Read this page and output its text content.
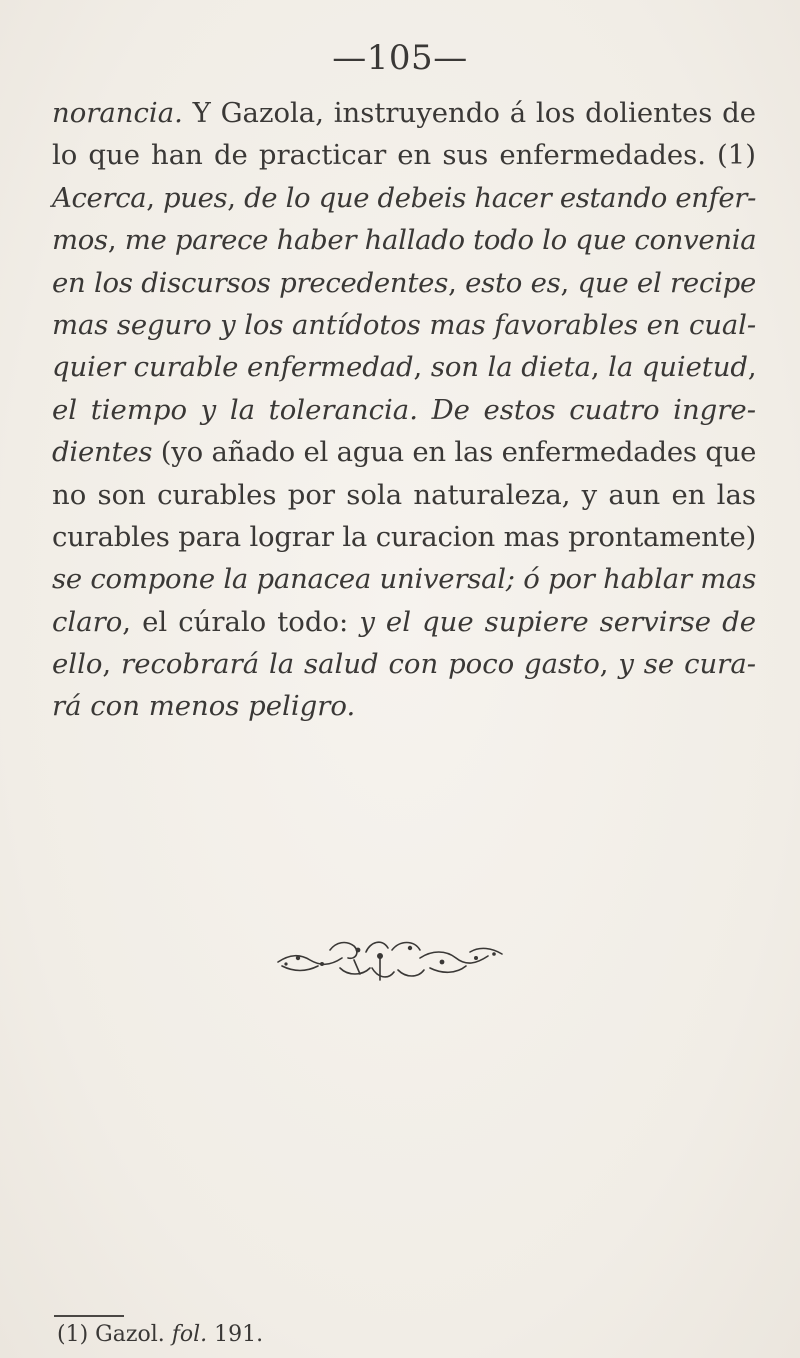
—105—
norancia. Y Gazola, instruyendo á los dolientes de
lo que han de practicar en sus enfermedades. (1)
Acerca, pues, de lo que debeis hacer estando enfer-
mos, me parece haber hallado todo lo que convenia
en los discursos precedentes, esto es, que el recipe
mas seguro y los antídotos mas favorables en cual-
quier curable enfermedad, son la dieta, la quietud,
el tiempo y la tolerancia. De estos cuatro ingre-
dientes (yo añado el agua en las enfermedades que
no son curables por sola naturaleza, y aun en las
curables para lograr la curacion mas prontamente)
se compone la panacea universal; ó por hablar mas
claro, el cúralo todo: y el que supiere servirse de
ello, recobrará la salud con poco gasto, y se cura-
rá con menos peligro.
(1) Gazol. fol. 191.
